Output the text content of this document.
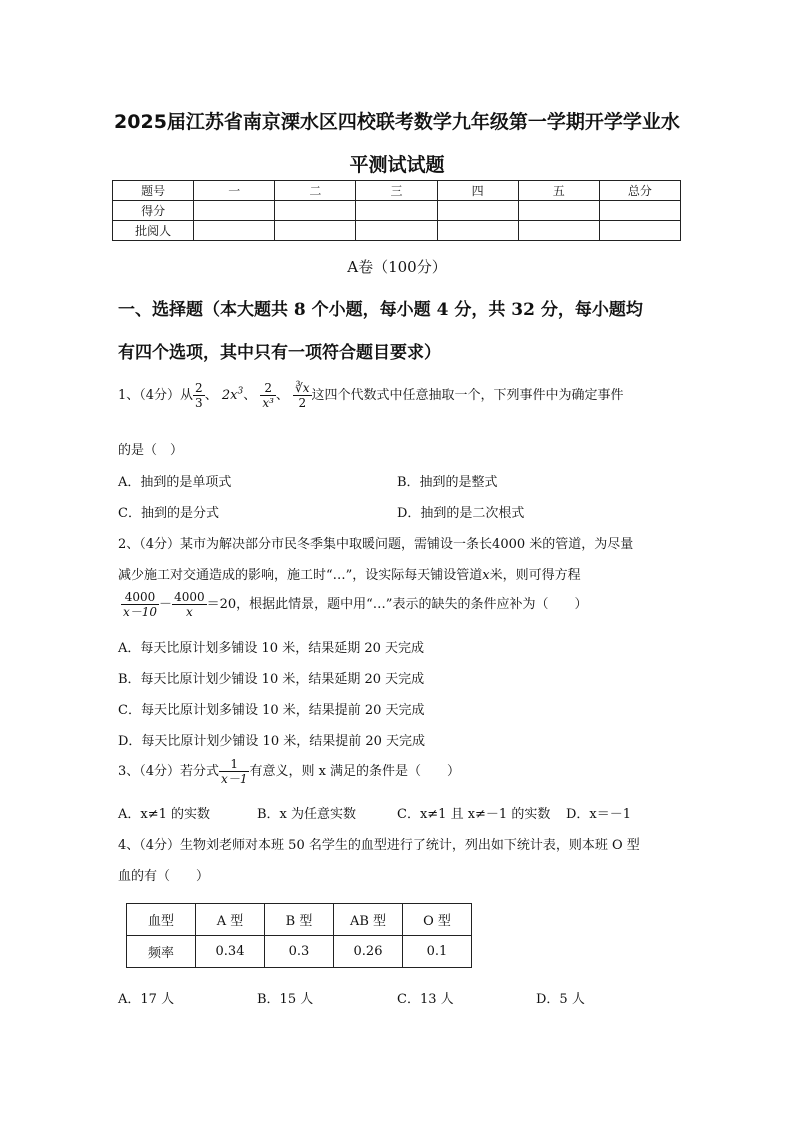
2025届江苏省南京溧水区四校联考数学九年级第一学期开学学业水
平测试试题
题号	一	二	三	四	五	总分
得分						
批阅人						
A卷（100分）
一、选择题（本大题共 8 个小题，每小题 4 分，共 32 分，每小题均
有四个选项，其中只有一项符合题目要求）
1、（4分）从 $\frac{2}{3}$ 、 $2x^3$、 $\frac{2}{\text{x³}}$ 、 $\frac{∛x}{2}$ 这四个代数式中任意抽取一个，下列事件中为确定事件
的是（　）
A．抽到的是单项式	B．抽到的是整式
C．抽到的是分式	D．抽到的是二次根式
2、（4分）某市为解决部分市民冬季集中取暖问题，需铺设一条长4000 米的管道，为尽量
减少施工对交通造成的影响，施工时“…”，设实际每天铺设管道x米，则可得方程
$\frac{4000}{x-10} - \frac{4000}{x} =20$，根据此情景，题中用“…”表示的缺失的条件应补为（　　）
A．每天比原计划多铺设 10 米，结果延期 20 天完成
B．每天比原计划少铺设 10 米，结果延期 20 天完成
C．每天比原计划多铺设 10 米，结果提前 20 天完成
D．每天比原计划少铺设 10 米，结果提前 20 天完成
3、（4分）若分式 $\frac{1}{x-1}$ 有意义，则 x 满足的条件是（　　）
A．x≠1 的实数	B．x 为任意实数	C．x≠1 且 x≠－1 的实数 D．x＝－1
4、（4分）生物刘老师对本班 50 名学生的血型进行了统计，列出如下统计表，则本班 O 型
血的有（　　）
血型	A 型	B 型	AB 型	O 型
频率	0.34	0.3	0.26	0.1
A．17 人	B．15 人	C．13 人	D．5 人
